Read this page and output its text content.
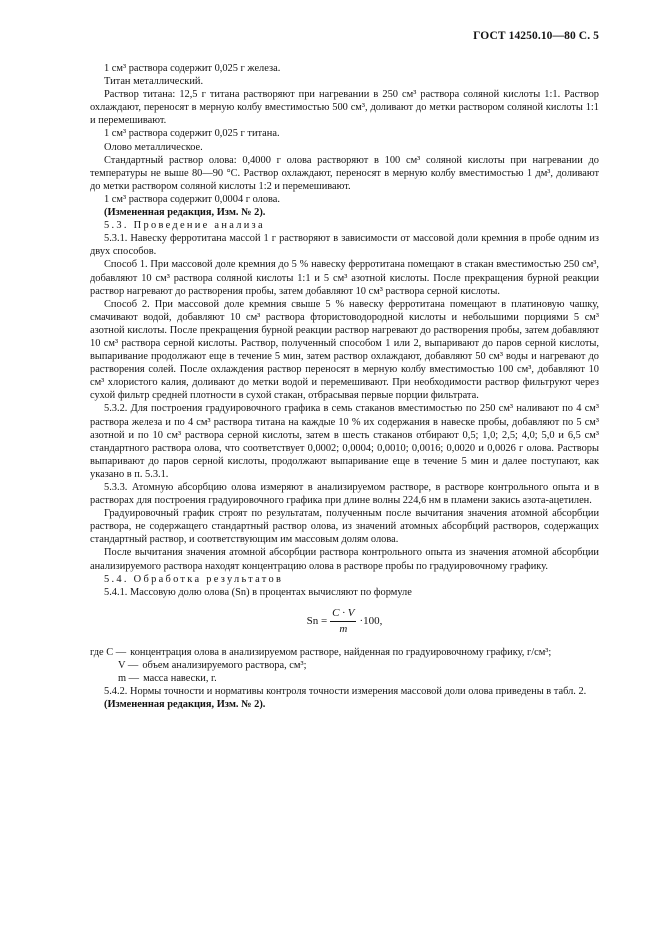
ГОСТ 14250.10—80 С. 5

1 см³ раствора содержит 0,025 г железа.

Титан металлический.

Раствор титана: 12,5 г титана растворяют при нагревании в 250 см³ раствора соляной кислоты 1:1. Раствор охлаждают, переносят в мерную колбу вместимостью 500 см³, доливают до метки раствором соляной кислоты 1:1 и перемешивают.

1 см³ раствора содержит 0,025 г титана.

Олово металлическое.

Стандартный раствор олова: 0,4000 г олова растворяют в 100 см³ соляной кислоты при нагревании до температуры не выше 80—90 °С. Раствор охлаждают, переносят в мерную колбу вместимостью 1 дм³, доливают до метки раствором соляной кислоты 1:2 и перемешивают.

1 см³ раствора содержит 0,0004 г олова.

(Измененная редакция, Изм. № 2).

5.3. Проведение анализа

5.3.1. Навеску ферротитана массой 1 г растворяют в зависимости от массовой доли кремния в пробе одним из двух способов.

Способ 1. При массовой доле кремния до 5 % навеску ферротитана помещают в стакан вместимостью 250 см³, добавляют 10 см³ раствора соляной кислоты 1:1 и 5 см³ азотной кислоты. После прекращения бурной реакции раствор нагревают до растворения пробы, затем добавляют 10 см³ раствора серной кислоты.

Способ 2. При массовой доле кремния свыше 5 % навеску ферротитана помещают в платиновую чашку, смачивают водой, добавляют 10 см³ раствора фтористоводородной кислоты и небольшими порциями 5 см³ азотной кислоты. После прекращения бурной реакции раствор нагревают до растворения пробы, затем добавляют 10 см³ раствора серной кислоты. Раствор, полученный способом 1 или 2, выпаривают до паров серной кислоты, выпаривание продолжают еще в течение 5 мин, затем раствор охлаждают, добавляют 50 см³ воды и нагревают до растворения солей. После охлаждения раствор переносят в мерную колбу вместимостью 100 см³, добавляют 10 см³ хлористого калия, доливают до метки водой и перемешивают. При необходимости раствор фильтруют через сухой фильтр средней плотности в сухой стакан, отбрасывая первые порции фильтрата.

5.3.2. Для построения градуировочного графика в семь стаканов вместимостью по 250 см³ наливают по 4 см³ раствора железа и по 4 см³ раствора титана на каждые 10 % их содержания в навеске пробы, добавляют по 5 см³ азотной и по 10 см³ раствора серной кислоты, затем в шесть стаканов отбирают 0,5; 1,0; 2,5; 4,0; 5,0 и 6,5 см³ стандартного раствора олова, что соответствует 0,0002; 0,0004; 0,0010; 0,0016; 0,0020 и 0,0026 г олова. Растворы выпаривают до паров серной кислоты, продолжают выпаривание еще в течение 5 мин и далее поступают, как указано в п. 5.3.1.

5.3.3. Атомную абсорбцию олова измеряют в анализируемом растворе, в растворе контрольного опыта и в растворах для построения градуировочного графика при длине волны 224,6 нм в пламени закись азота-ацетилен.

Градуировочный график строят по результатам, полученным после вычитания значения атомной абсорбции раствора, не содержащего стандартный раствор олова, из значений атомных абсорбций растворов, содержащих стандартный раствор, и соответствующим им массовым долям олова.

После вычитания значения атомной абсорбции раствора контрольного опыта из значения атомной абсорбции анализируемого раствора находят концентрацию олова в растворе пробы по градуировочному графику.

5.4. Обработка результатов

5.4.1. Массовую долю олова (Sn) в процентах вычисляют по формуле

$Sn = \frac{C \cdot V}{m} \cdot 100$,
где C — концентрация олова в анализируемом растворе, найденная по градуировочному графику, г/см³;
V — объем анализируемого раствора, см³;
m — масса навески, г.

5.4.2. Нормы точности и нормативы контроля точности измерения массовой доли олова приведены в табл. 2.

(Измененная редакция, Изм. № 2).
